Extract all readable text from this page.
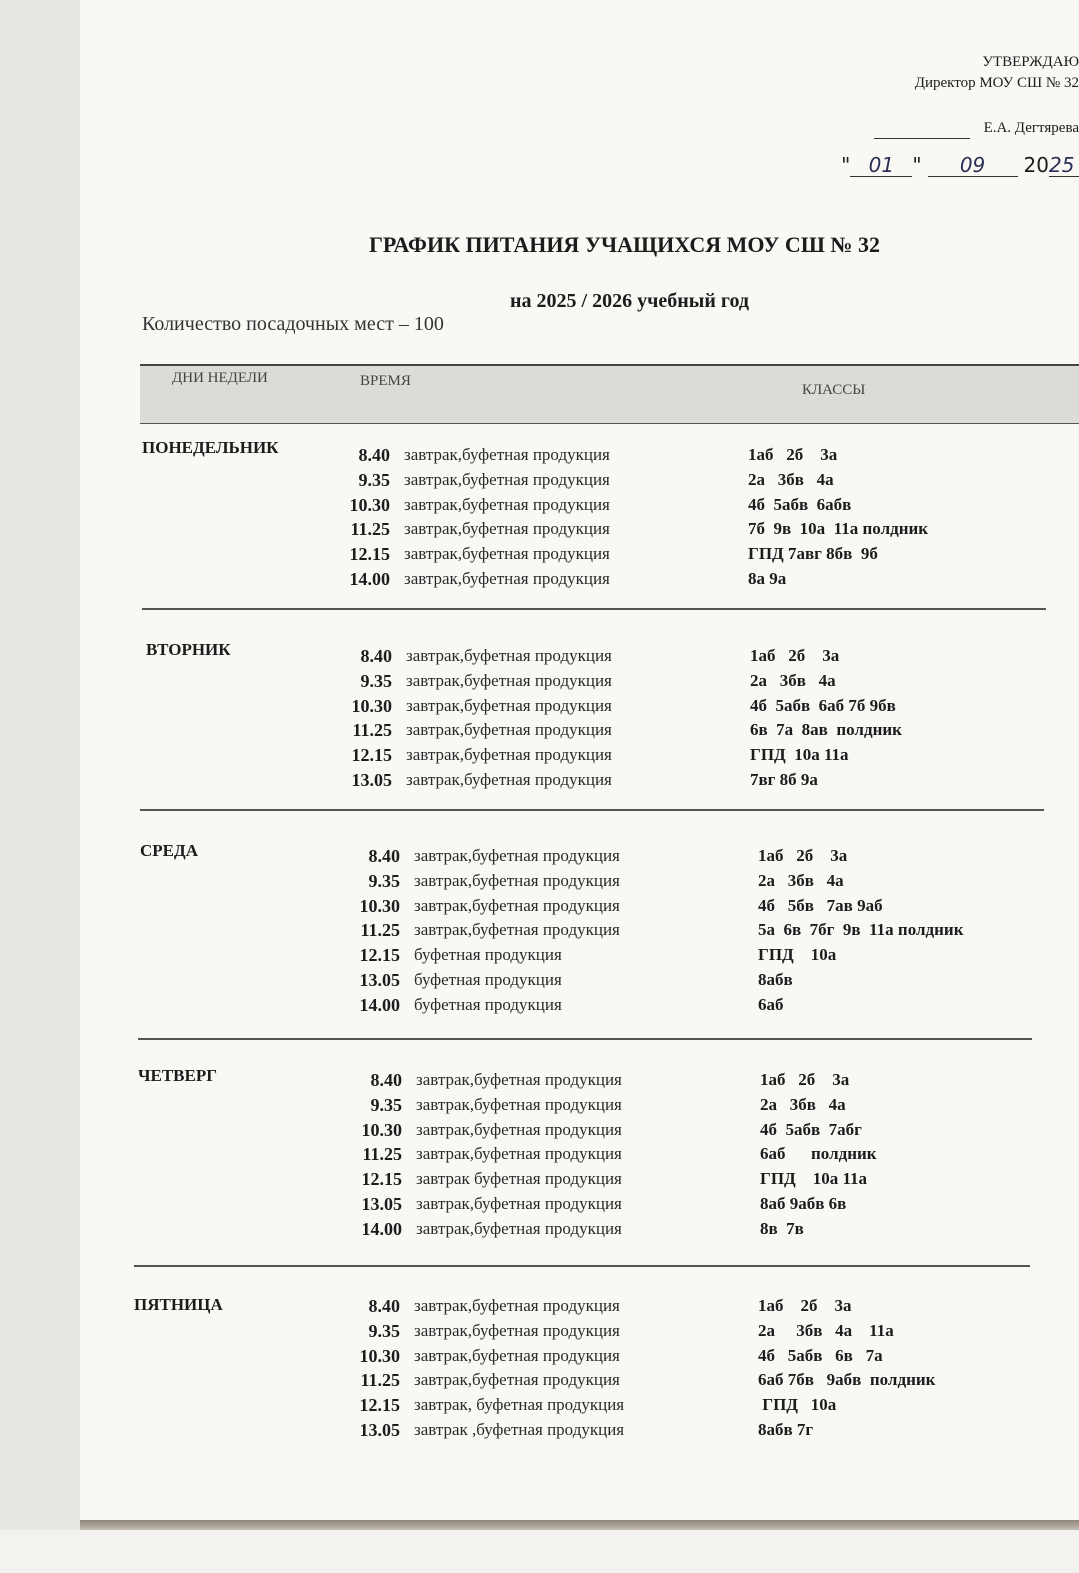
УТВЕРЖДАЮ
Директор МОУ СШ № 32
Е.А. Дегтярева
" 01 " 09 2025
ГРАФИК ПИТАНИЯ УЧАЩИХСЯ МОУ СШ № 32
на 2025 / 2026 учебный год
Количество посадочных мест – 100
ДНИ НЕДЕЛИ	ВРЕМЯ
КЛАССЫ
ПОНЕДЕЛЬНИК	8.40 завтрак,буфетная продукция	1аб   2б    3а
9.35 завтрак,буфетная продукция	2а   3бв   4а
10.30 завтрак,буфетная продукция	4б  5абв  6абв
11.25 завтрак,буфетная продукция	7б  9в  10а  11а полдник
12.15 завтрак,буфетная продукция	ГПД 7авг 8бв  9б
14.00 завтрак,буфетная продукция	8а 9а
ВТОРНИК	8.40 завтрак,буфетная продукция	1аб   2б    3а
9.35 завтрак,буфетная продукция	2а   3бв   4а
10.30 завтрак,буфетная продукция	4б  5абв  6аб 7б 9бв
11.25 завтрак,буфетная продукция	6в  7а  8ав  полдник
12.15 завтрак,буфетная продукция	ГПД  10а 11а
13.05 завтрак,буфетная продукция	7вг 8б 9а
СРЕДА	8.40 завтрак,буфетная продукция	1аб   2б    3а
9.35 завтрак,буфетная продукция	2а   3бв   4а
10.30 завтрак,буфетная продукция	4б   5бв   7ав 9аб
11.25 завтрак,буфетная продукция	5а  6в  7бг  9в  11а полдник
12.15 буфетная продукция	ГПД    10а
13.05 буфетная продукция	8абв
14.00 буфетная продукция	6аб
ЧЕТВЕРГ	8.40 завтрак,буфетная продукция	1аб   2б    3а
9.35 завтрак,буфетная продукция	2а   3бв   4а
10.30 завтрак,буфетная продукция	4б  5абв  7абг
11.25 завтрак,буфетная продукция	6аб      полдник
12.15 завтрак буфетная продукция	ГПД    10а 11а
13.05 завтрак,буфетная продукция	8аб 9абв 6в
14.00 завтрак,буфетная продукция	8в  7в
ПЯТНИЦА	8.40 завтрак,буфетная продукция	1аб    2б    3а
9.35 завтрак,буфетная продукция	2а     3бв   4а    11а
10.30 завтрак,буфетная продукция	4б   5абв   6в   7а
11.25 завтрак,буфетная продукция	6аб 7бв   9абв  полдник
12.15 завтрак, буфетная продукция	ГПД   10а
13.05 завтрак ,буфетная продукция	8абв 7г
